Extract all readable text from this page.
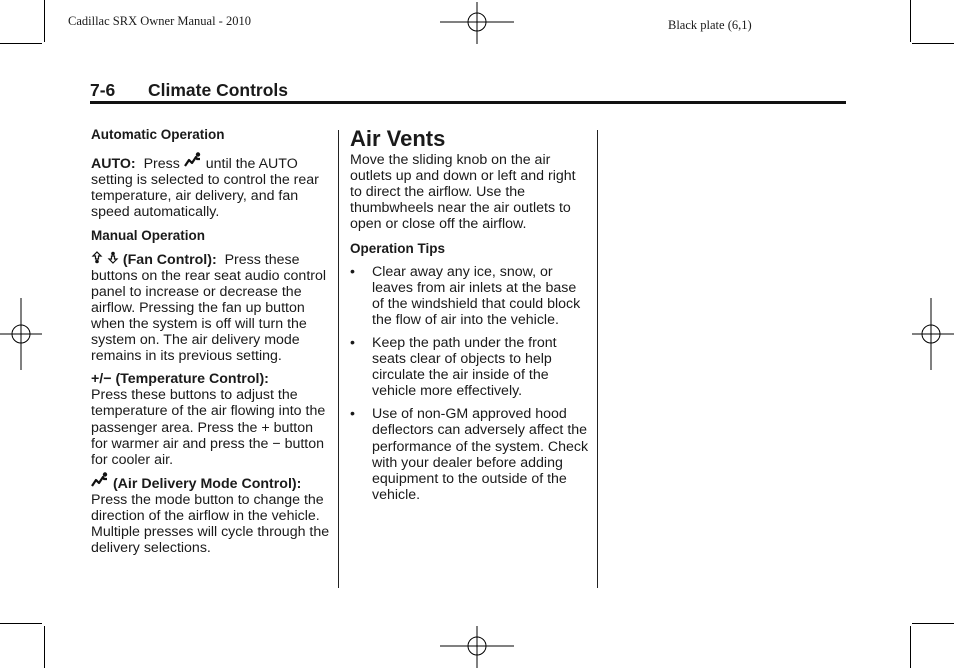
Cadillac SRX Owner Manual - 2010	Black plate (6,1)
7-6 Climate Controls

Automatic Operation

AUTO: Press until the AUTO setting is selected to control the rear temperature, air delivery, and fan speed automatically.

Manual Operation

(Fan Control): Press these buttons on the rear seat audio control panel to increase or decrease the airflow. Pressing the fan up button when the system is off will turn the system on. The air delivery mode remains in its previous setting.

+/− (Temperature Control):
Press these buttons to adjust the temperature of the air flowing into the passenger area. Press the + button for warmer air and press the − button for cooler air.

(Air Delivery Mode Control):
Press the mode button to change the direction of the airflow in the vehicle. Multiple presses will cycle through the delivery selections.

Air Vents

Move the sliding knob on the air outlets up and down or left and right to direct the airflow. Use the thumbwheels near the air outlets to open or close off the airflow.

Operation Tips

• Clear away any ice, snow, or leaves from air inlets at the base of the windshield that could block the flow of air into the vehicle.

• Keep the path under the front seats clear of objects to help circulate the air inside of the vehicle more effectively.

• Use of non-GM approved hood deflectors can adversely affect the performance of the system. Check with your dealer before adding equipment to the outside of the vehicle.
